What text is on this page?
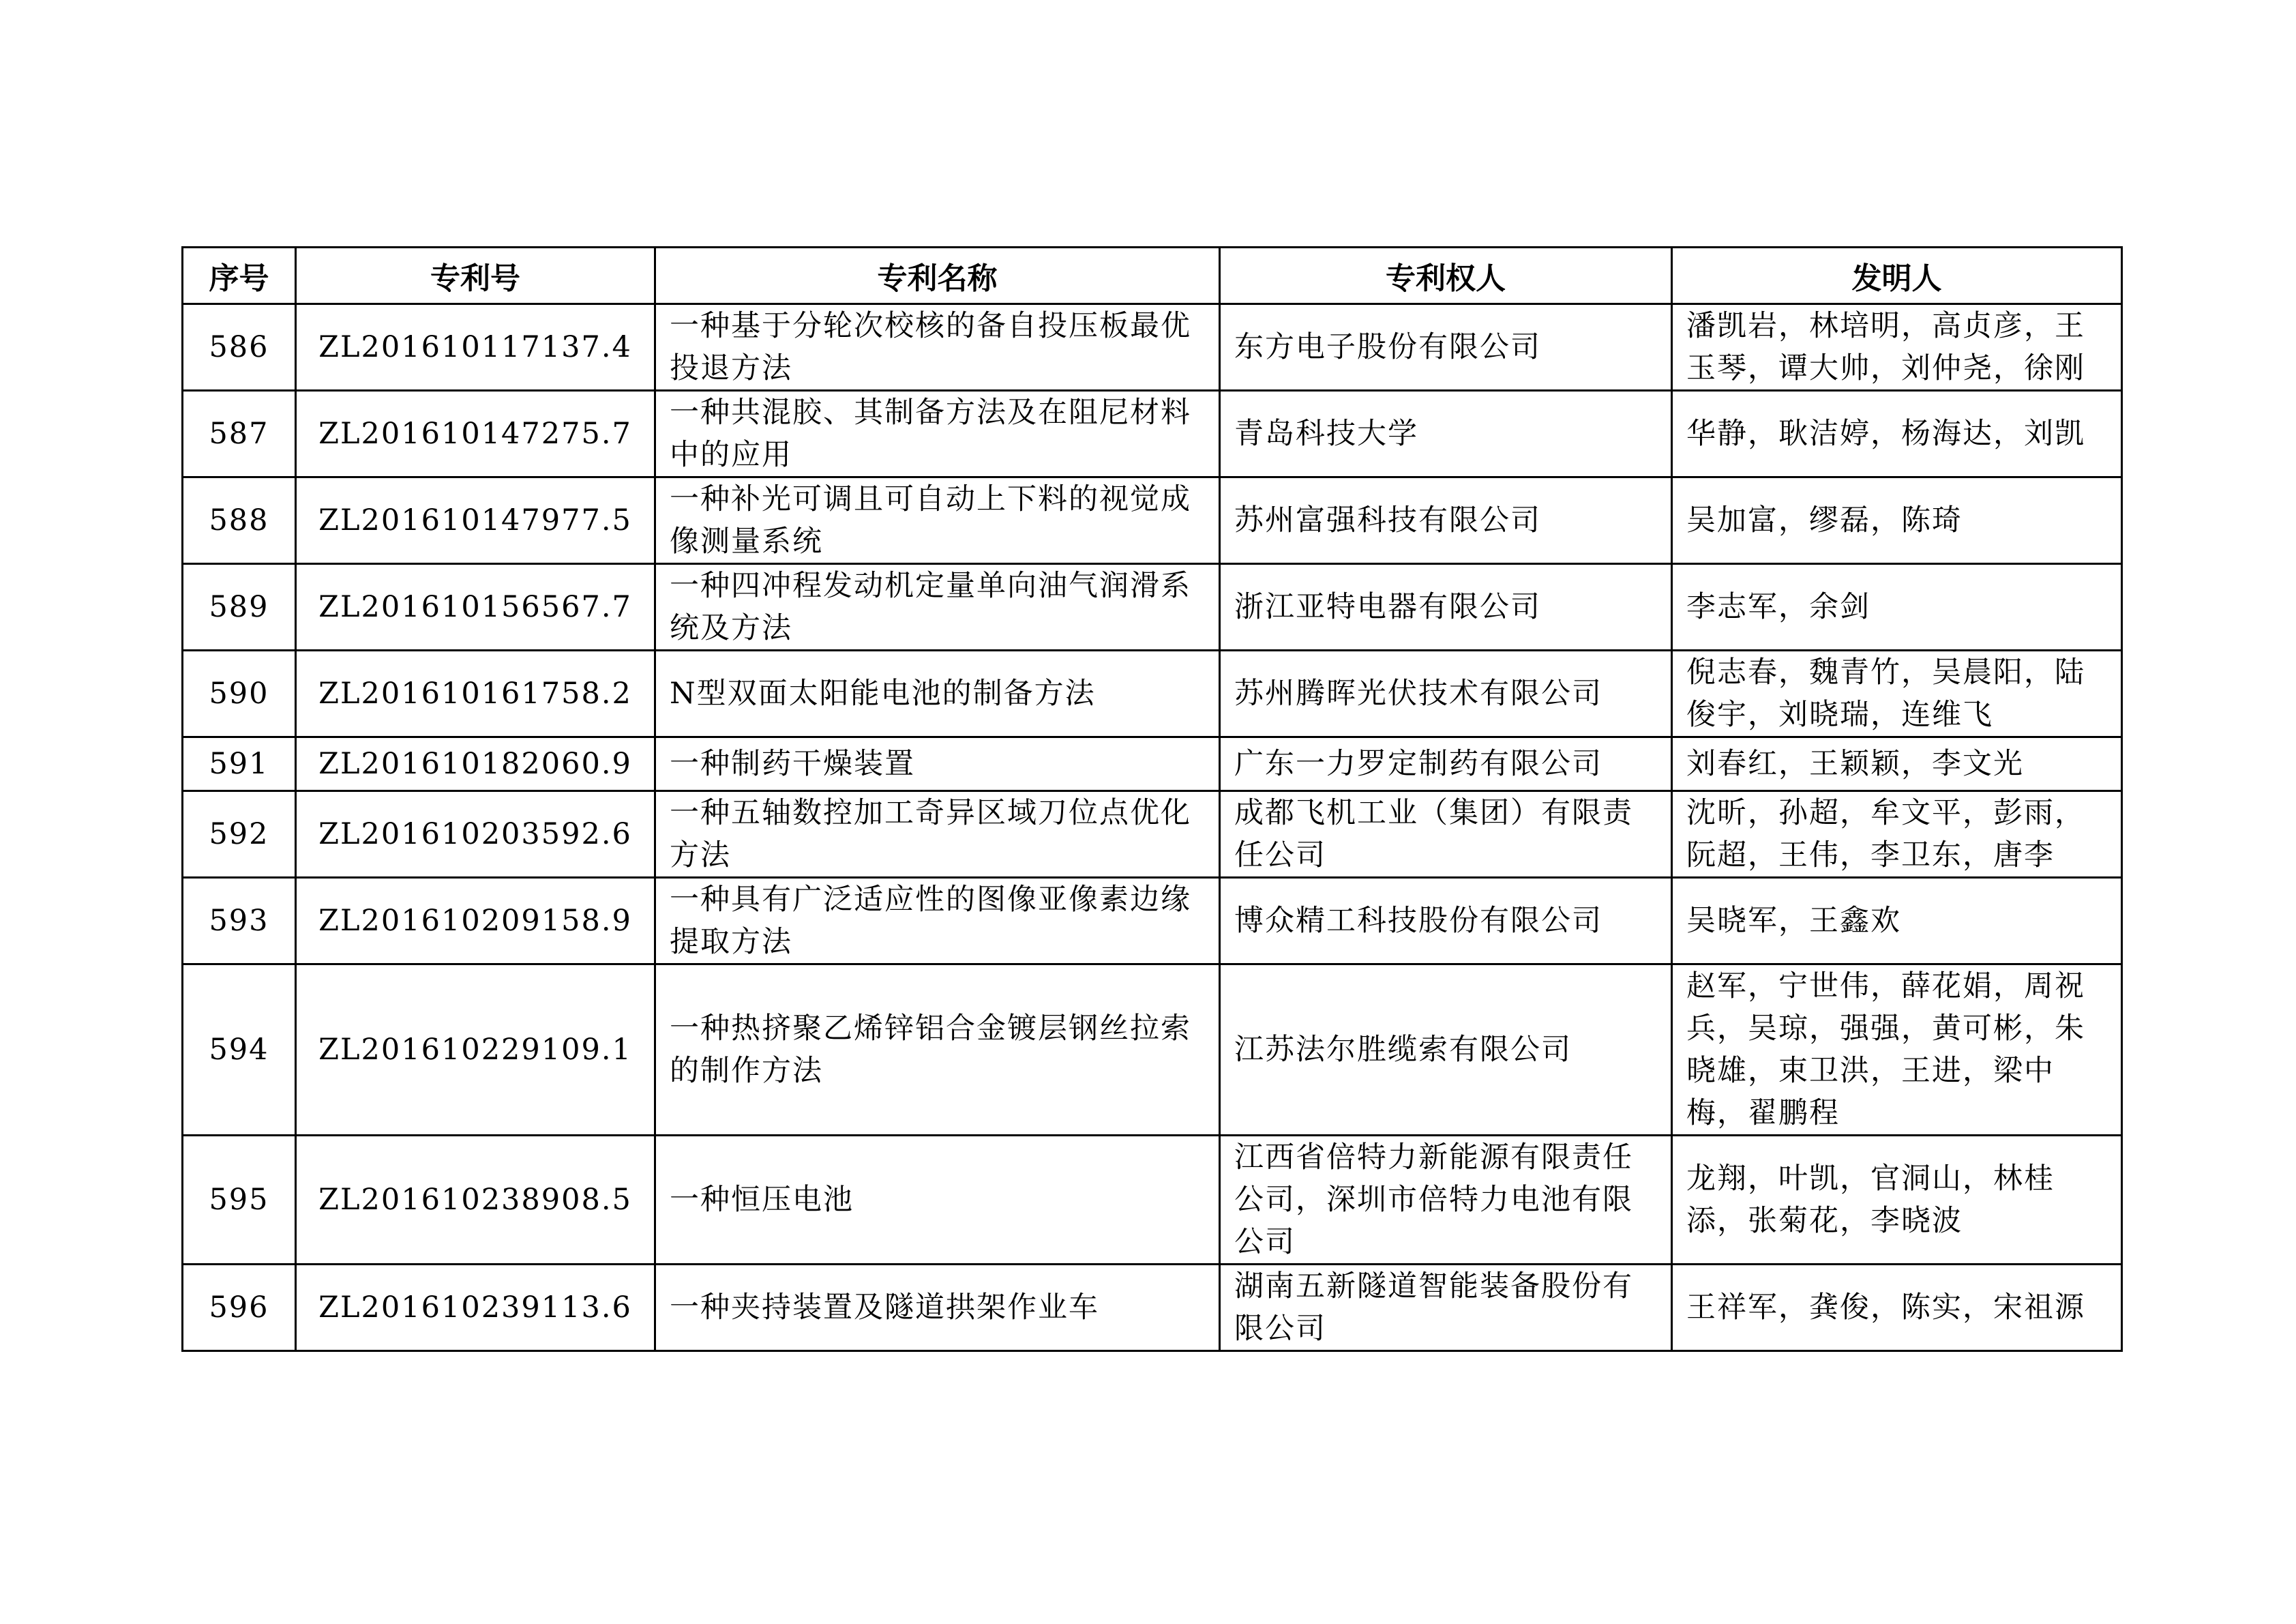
序号	专利号	专利名称	专利权人	发明人
586	ZL201610117137.4	一种基于分轮次校核的备自投压板最优投退方法	东方电子股份有限公司	潘凯岩，林培明，高贞彦，王玉琴，谭大帅，刘仲尧，徐刚
587	ZL201610147275.7	一种共混胶、其制备方法及在阻尼材料中的应用	青岛科技大学	华静，耿洁婷，杨海达，刘凯
588	ZL201610147977.5	一种补光可调且可自动上下料的视觉成像测量系统	苏州富强科技有限公司	吴加富，缪磊，陈琦
589	ZL201610156567.7	一种四冲程发动机定量单向油气润滑系统及方法	浙江亚特电器有限公司	李志军，余剑
590	ZL201610161758.2	N型双面太阳能电池的制备方法	苏州腾晖光伏技术有限公司	倪志春，魏青竹，吴晨阳，陆俊宇，刘晓瑞，连维飞
591	ZL201610182060.9	一种制药干燥装置	广东一力罗定制药有限公司	刘春红，王颖颖，李文光
592	ZL201610203592.6	一种五轴数控加工奇异区域刀位点优化方法	成都飞机工业（集团）有限责任公司	沈昕，孙超，牟文平，彭雨，阮超，王伟，李卫东，唐李
593	ZL201610209158.9	一种具有广泛适应性的图像亚像素边缘提取方法	博众精工科技股份有限公司	吴晓军，王鑫欢
594	ZL201610229109.1	一种热挤聚乙烯锌铝合金镀层钢丝拉索的制作方法	江苏法尔胜缆索有限公司	赵军，宁世伟，薛花娟，周祝兵，吴琼，强强，黄可彬，朱晓雄，束卫洪，王进，梁中梅，翟鹏程
595	ZL201610238908.5	一种恒压电池	江西省倍特力新能源有限责任公司，深圳市倍特力电池有限公司	龙翔，叶凯，官洞山，林桂添，张菊花，李晓波
596	ZL201610239113.6	一种夹持装置及隧道拱架作业车	湖南五新隧道智能装备股份有限公司	王祥军，龚俊，陈实，宋祖源
